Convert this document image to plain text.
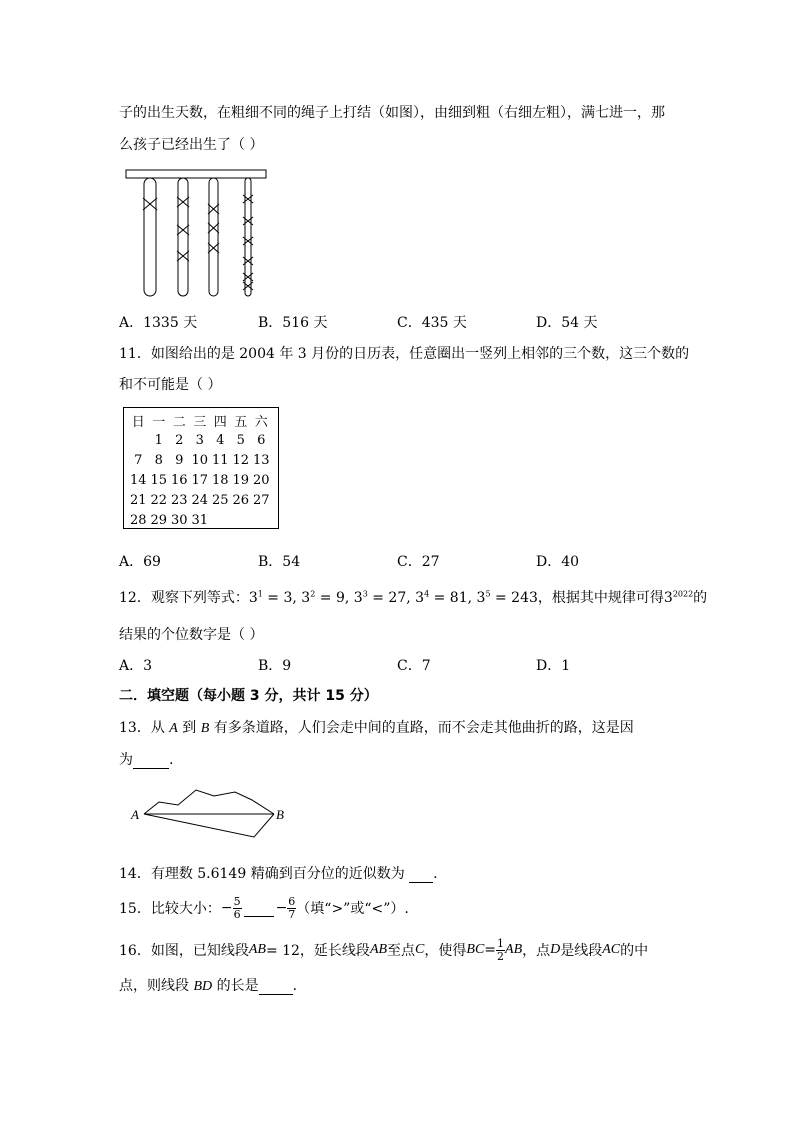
子的出生天数，在粗细不同的绳子上打结（如图），由细到粗（右细左粗），满七进一，那
么孩子已经出生了（ ）
A．1335 天	B．516 天	C．435 天	D．54 天
11．如图给出的是 2004 年 3 月份的日历表，任意圈出一竖列上相邻的三个数，这三个数的
和不可能是（ ）
日	一	二	三	四	五	六
	1	2	3	4	5	6
7	8	9	10	11	12	13
14	15	16	17	18	19	20
21	22	23	24	25	26	27
28	29	30	31			
A．69	B．54	C．27	D．40
12．观察下列等式：$3^1 = 3$, $3^2 = 9$, $3^3 = 27$, $3^4 = 81$, $3^5 = 243$，根据其中规律可得$3^{2022}$的
结果的个位数字是（ ）
A．3	B．9	C．7	D．1
二．填空题（每小题 3 分，共计 15 分）
13．从 A 到 B 有多条道路，人们会走中间的直路，而不会走其他曲折的路，这是因
为	.
A	B
14．有理数 5.6149 精确到百分位的近似数为  .
15．比较大小： − $\frac{5}{6}$
− $\frac{6}{7}$ （填“>”或“<”）.
16．如图，已知线段 AB = 12，延长线段 AB 至点 C ，使得 BC = $\frac{1}{2}$ AB ，点 D 是线段 AC 的中
点，则线段 BD 的长是 .
